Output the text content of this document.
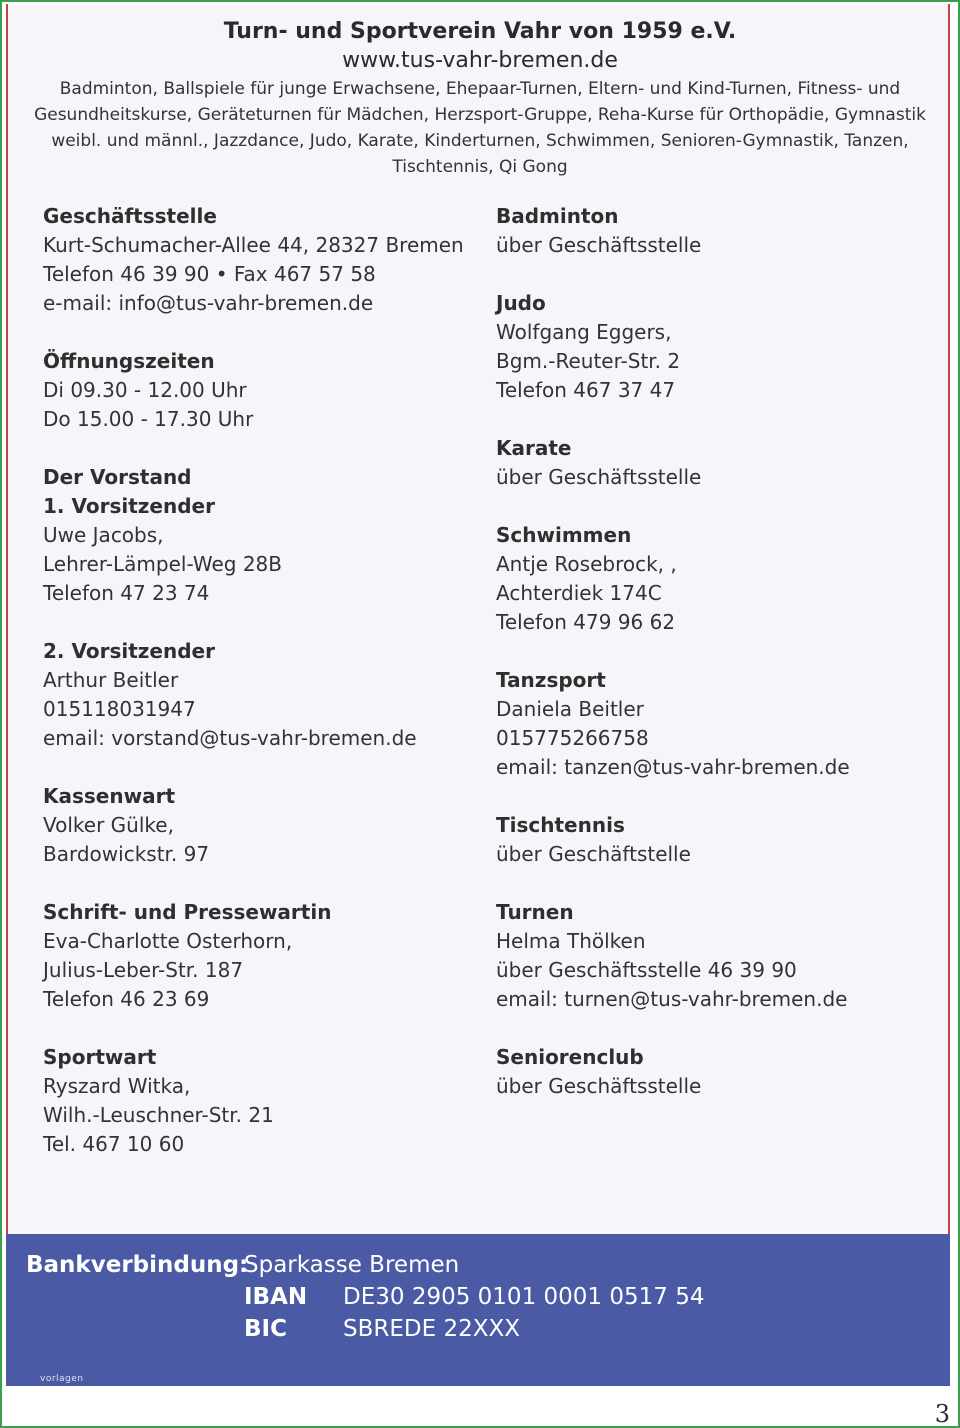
Turn- und Sportverein Vahr von 1959 e.V.
www.tus-vahr-bremen.de
Badminton, Ballspiele für junge Erwachsene, Ehepaar-Turnen, Eltern- und Kind-Turnen, Fitness- und Gesundheitskurse, Geräteturnen für Mädchen, Herzsport-Gruppe, Reha-Kurse für Orthopädie, Gymnastik weibl. und männl., Jazzdance, Judo, Karate, Kinderturnen, Schwimmen, Senioren-Gymnastik, Tanzen, Tischtennis, Qi Gong
Geschäftsstelle
Kurt-Schumacher-Allee 44, 28327 Bremen
Telefon 46 39 90 • Fax 467 57 58
e-mail: info@tus-vahr-bremen.de
Öffnungszeiten
Di 09.30 - 12.00 Uhr
Do 15.00 - 17.30 Uhr
Der Vorstand
1. Vorsitzender
Uwe Jacobs,
Lehrer-Lämpel-Weg 28B
Telefon 47 23 74
2. Vorsitzender
Arthur Beitler
015118031947
email: vorstand@tus-vahr-bremen.de
Kassenwart
Volker Gülke,
Bardowickstr. 97
Schrift- und Pressewartin
Eva-Charlotte Osterhorn,
Julius-Leber-Str. 187
Telefon 46 23 69
Sportwart
Ryszard Witka,
Wilh.-Leuschner-Str. 21
Tel. 467 10 60
Badminton
über Geschäftsstelle
Judo
Wolfgang Eggers,
Bgm.-Reuter-Str. 2
Telefon 467 37 47
Karate
über Geschäftsstelle
Schwimmen
Antje Rosebrock, ,
Achterdiek 174C
Telefon 479 96 62
Tanzsport
Daniela Beitler
015775266758
email: tanzen@tus-vahr-bremen.de
Tischtennis
über Geschäftstelle
Turnen
Helma Thölken
über Geschäftsstelle 46 39 90
email: turnen@tus-vahr-bremen.de
Seniorenclub
über Geschäftsstelle
Bankverbindung:
Sparkasse Bremen
IBAN DE30 2905 0101 0001 0517 54
BIC SBREDE 22XXX
vorlagen
3
